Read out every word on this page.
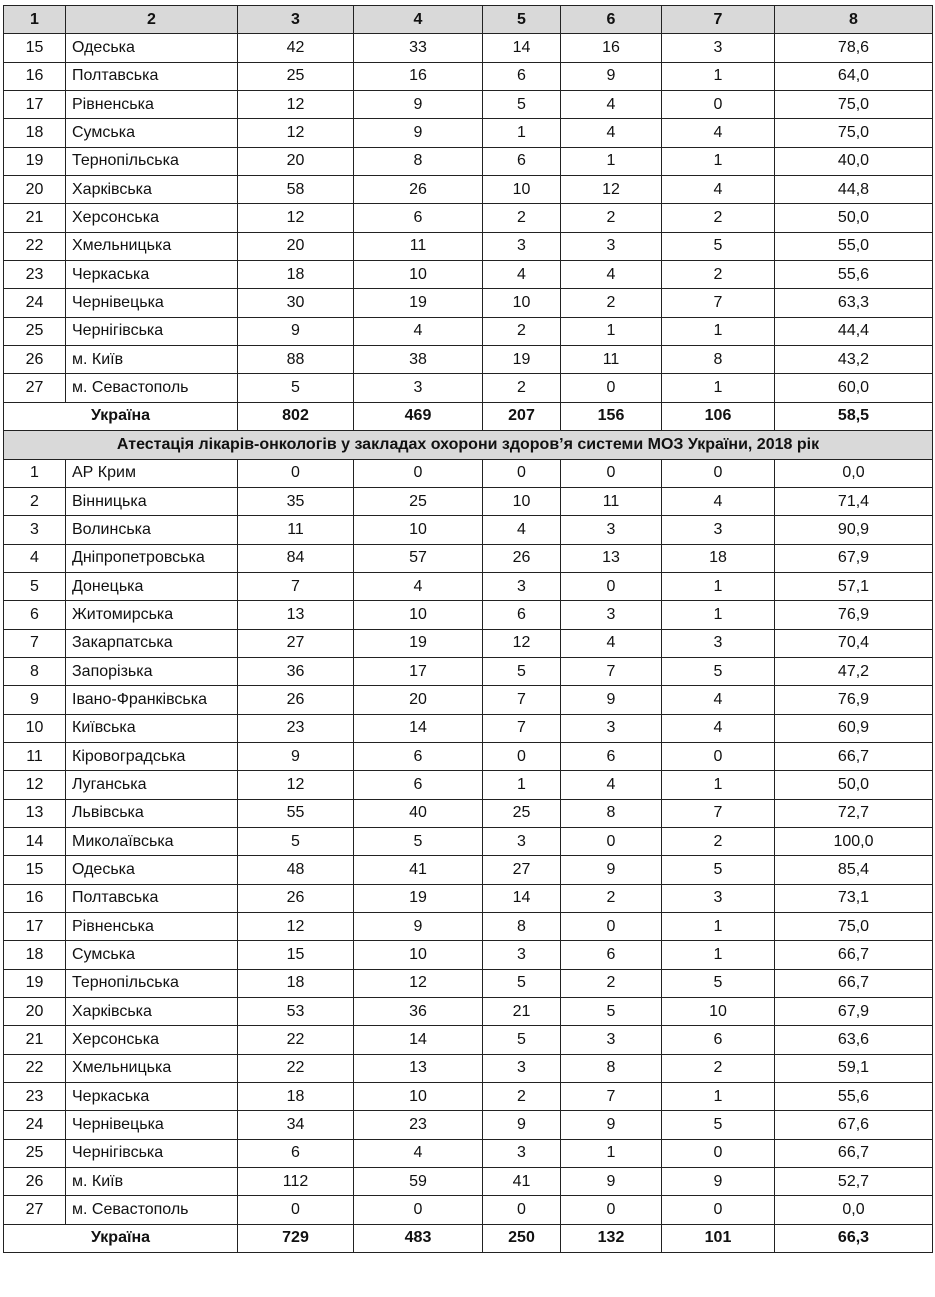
1	2	3	4	5	6	7	8
15	Одеська	42	33	14	16	3	78,6
16	Полтавська	25	16	6	9	1	64,0
17	Рівненська	12	9	5	4	0	75,0
18	Сумська	12	9	1	4	4	75,0
19	Тернопільська	20	8	6	1	1	40,0
20	Харківська	58	26	10	12	4	44,8
21	Херсонська	12	6	2	2	2	50,0
22	Хмельницька	20	11	3	3	5	55,0
23	Черкаська	18	10	4	4	2	55,6
24	Чернівецька	30	19	10	2	7	63,3
25	Чернігівська	9	4	2	1	1	44,4
26	м. Київ	88	38	19	11	8	43,2
27	м. Севастополь	5	3	2	0	1	60,0
Україна		802	469	207	156	106	58,5
Атестація лікарів-онкологів у закладах охорони здоров’я системи МОЗ України, 2018 рік							
1	АР Крим	0	0	0	0	0	0,0
2	Вінницька	35	25	10	11	4	71,4
3	Волинська	11	10	4	3	3	90,9
4	Дніпропетровська	84	57	26	13	18	67,9
5	Донецька	7	4	3	0	1	57,1
6	Житомирська	13	10	6	3	1	76,9
7	Закарпатська	27	19	12	4	3	70,4
8	Запорізька	36	17	5	7	5	47,2
9	Івано-Франківська	26	20	7	9	4	76,9
10	Київська	23	14	7	3	4	60,9
11	Кіровоградська	9	6	0	6	0	66,7
12	Луганська	12	6	1	4	1	50,0
13	Львівська	55	40	25	8	7	72,7
14	Миколаївська	5	5	3	0	2	100,0
15	Одеська	48	41	27	9	5	85,4
16	Полтавська	26	19	14	2	3	73,1
17	Рівненська	12	9	8	0	1	75,0
18	Сумська	15	10	3	6	1	66,7
19	Тернопільська	18	12	5	2	5	66,7
20	Харківська	53	36	21	5	10	67,9
21	Херсонська	22	14	5	3	6	63,6
22	Хмельницька	22	13	3	8	2	59,1
23	Черкаська	18	10	2	7	1	55,6
24	Чернівецька	34	23	9	9	5	67,6
25	Чернігівська	6	4	3	1	0	66,7
26	м. Київ	112	59	41	9	9	52,7
27	м. Севастополь	0	0	0	0	0	0,0
Україна		729	483	250	132	101	66,3
